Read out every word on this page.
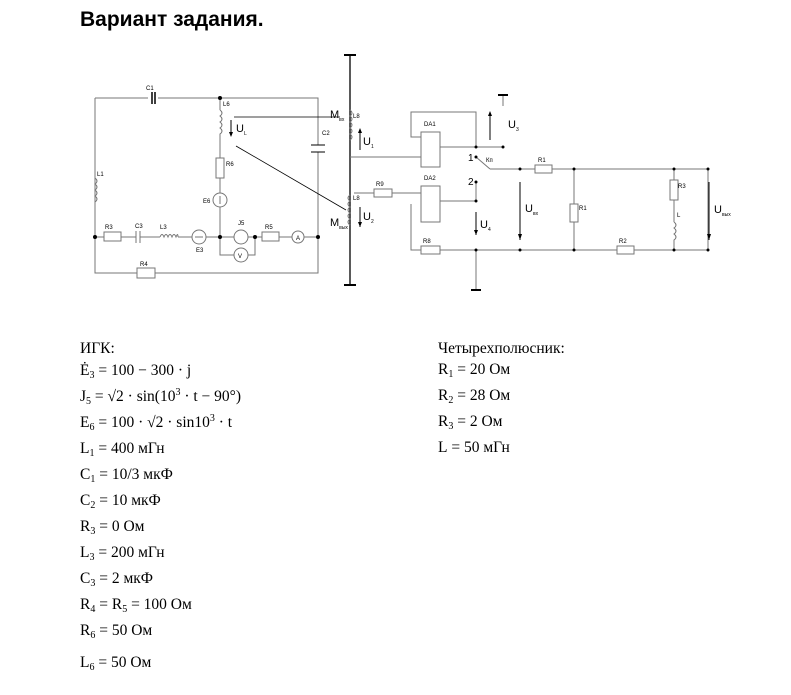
Вариант задания.
C1
C2
L6
L1
R3	C3	L3
E3
J5
R5
A
V
R4
R6
E6
$U_L$
$M_{вх}$
$M_{вых}$
L8
L8
$U_1$
$U_2$
$U_3$
$U_4$
DA1
DA2
R8
R9
Кп
1
2
R1
R1
R2
R3
L
$U_{вх}$	$U_{вых}$
ИГК:
$Ė_3 = 100 - 300 \cdot j$
$J_5 = √2 \cdot \sin(10^3 \cdot t - 90^\circ)$
$E_6 = 100 \cdot √2 \cdot \sin 10^3 \cdot t$
$L_1 = 400$ мГн
$C_1 = 10/3$ мкФ
$C_2 = 10$ мкФ
$R_3 = 0$ Ом
$L_3 = 200$ мГн
$C_3 = 2$ мкФ
$R_4 = R_5 = 100$ Ом
$R_6 = 50$ Ом
$L_6 = 50$ Ом
Четырехполюсник:
$R_1 = 20$ Ом
$R_2 = 28$ Ом
$R_3 = 2$ Ом
L = 50 мГн
